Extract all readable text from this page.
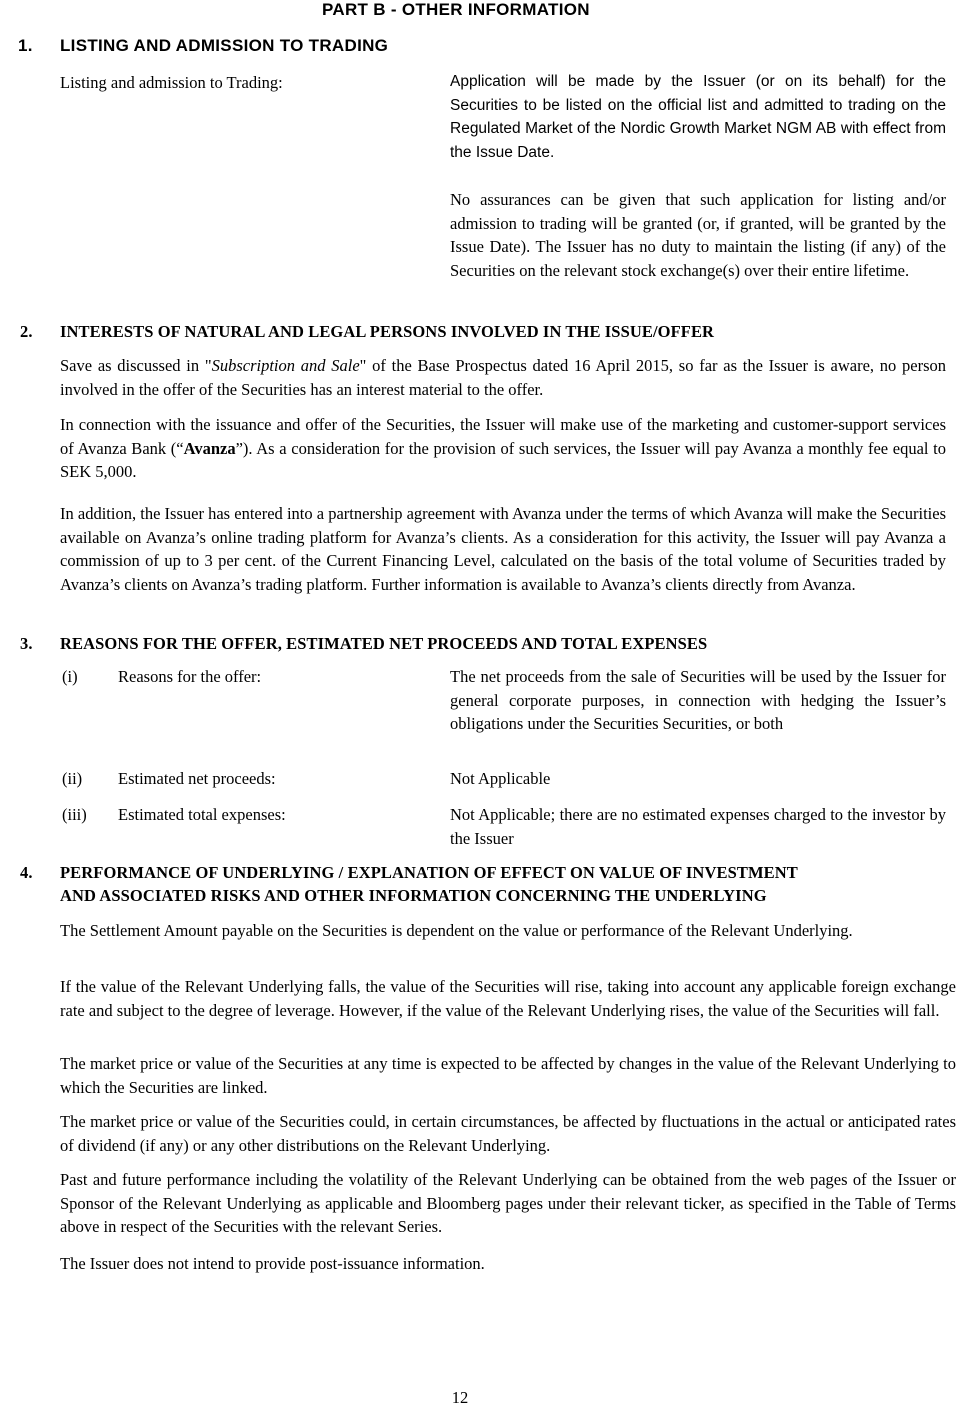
PART B - OTHER INFORMATION
1. LISTING AND ADMISSION TO TRADING
Listing and admission to Trading:	Application will be made by the Issuer (or on its behalf) for the Securities to be listed on the official list and admitted to trading on the Regulated Market of the Nordic Growth Market NGM AB with effect from the Issue Date.

No assurances can be given that such application for listing and/or admission to trading will be granted (or, if granted, will be granted by the Issue Date). The Issuer has no duty to maintain the listing (if any) of the Securities on the relevant stock exchange(s) over their entire lifetime.

2. INTERESTS OF NATURAL AND LEGAL PERSONS INVOLVED IN THE ISSUE/OFFER

Save as discussed in "Subscription and Sale" of the Base Prospectus dated 16 April 2015, so far as the Issuer is aware, no person involved in the offer of the Securities has an interest material to the offer.

In connection with the issuance and offer of the Securities, the Issuer will make use of the marketing and customer-support services of Avanza Bank (“Avanza”). As a consideration for the provision of such services, the Issuer will pay Avanza a monthly fee equal to SEK 5,000.

In addition, the Issuer has entered into a partnership agreement with Avanza under the terms of which Avanza will make the Securities available on Avanza’s online trading platform for Avanza’s clients. As a consideration for this activity, the Issuer will pay Avanza a commission of up to 3 per cent. of the Current Financing Level, calculated on the basis of the total volume of Securities traded by Avanza’s clients on Avanza’s trading platform. Further information is available to Avanza’s clients directly from Avanza.

3. REASONS FOR THE OFFER, ESTIMATED NET PROCEEDS AND TOTAL EXPENSES
(i) Reasons for the offer:	The net proceeds from the sale of Securities will be used by the Issuer for general corporate purposes, in connection with hedging the Issuer’s obligations under the Securities Securities, or both

(ii) Estimated net proceeds:	Not Applicable

(iii) Estimated total expenses:	Not Applicable; there are no estimated expenses charged to the investor by the Issuer

4. PERFORMANCE OF UNDERLYING / EXPLANATION OF EFFECT ON VALUE OF INVESTMENT
AND ASSOCIATED RISKS AND OTHER INFORMATION CONCERNING THE UNDERLYING

The Settlement Amount payable on the Securities is dependent on the value or performance of the Relevant Underlying.

If the value of the Relevant Underlying falls, the value of the Securities will rise, taking into account any applicable foreign exchange rate and subject to the degree of leverage. However, if the value of the Relevant Underlying rises, the value of the Securities will fall.

The market price or value of the Securities at any time is expected to be affected by changes in the value of the Relevant Underlying to which the Securities are linked.

The market price or value of the Securities could, in certain circumstances, be affected by fluctuations in the actual or anticipated rates of dividend (if any) or any other distributions on the Relevant Underlying.

Past and future performance including the volatility of the Relevant Underlying can be obtained from the web pages of the Issuer or Sponsor of the Relevant Underlying as applicable and Bloomberg pages under their relevant ticker, as specified in the Table of Terms above in respect of the Securities with the relevant Series.

The Issuer does not intend to provide post-issuance information.

12
